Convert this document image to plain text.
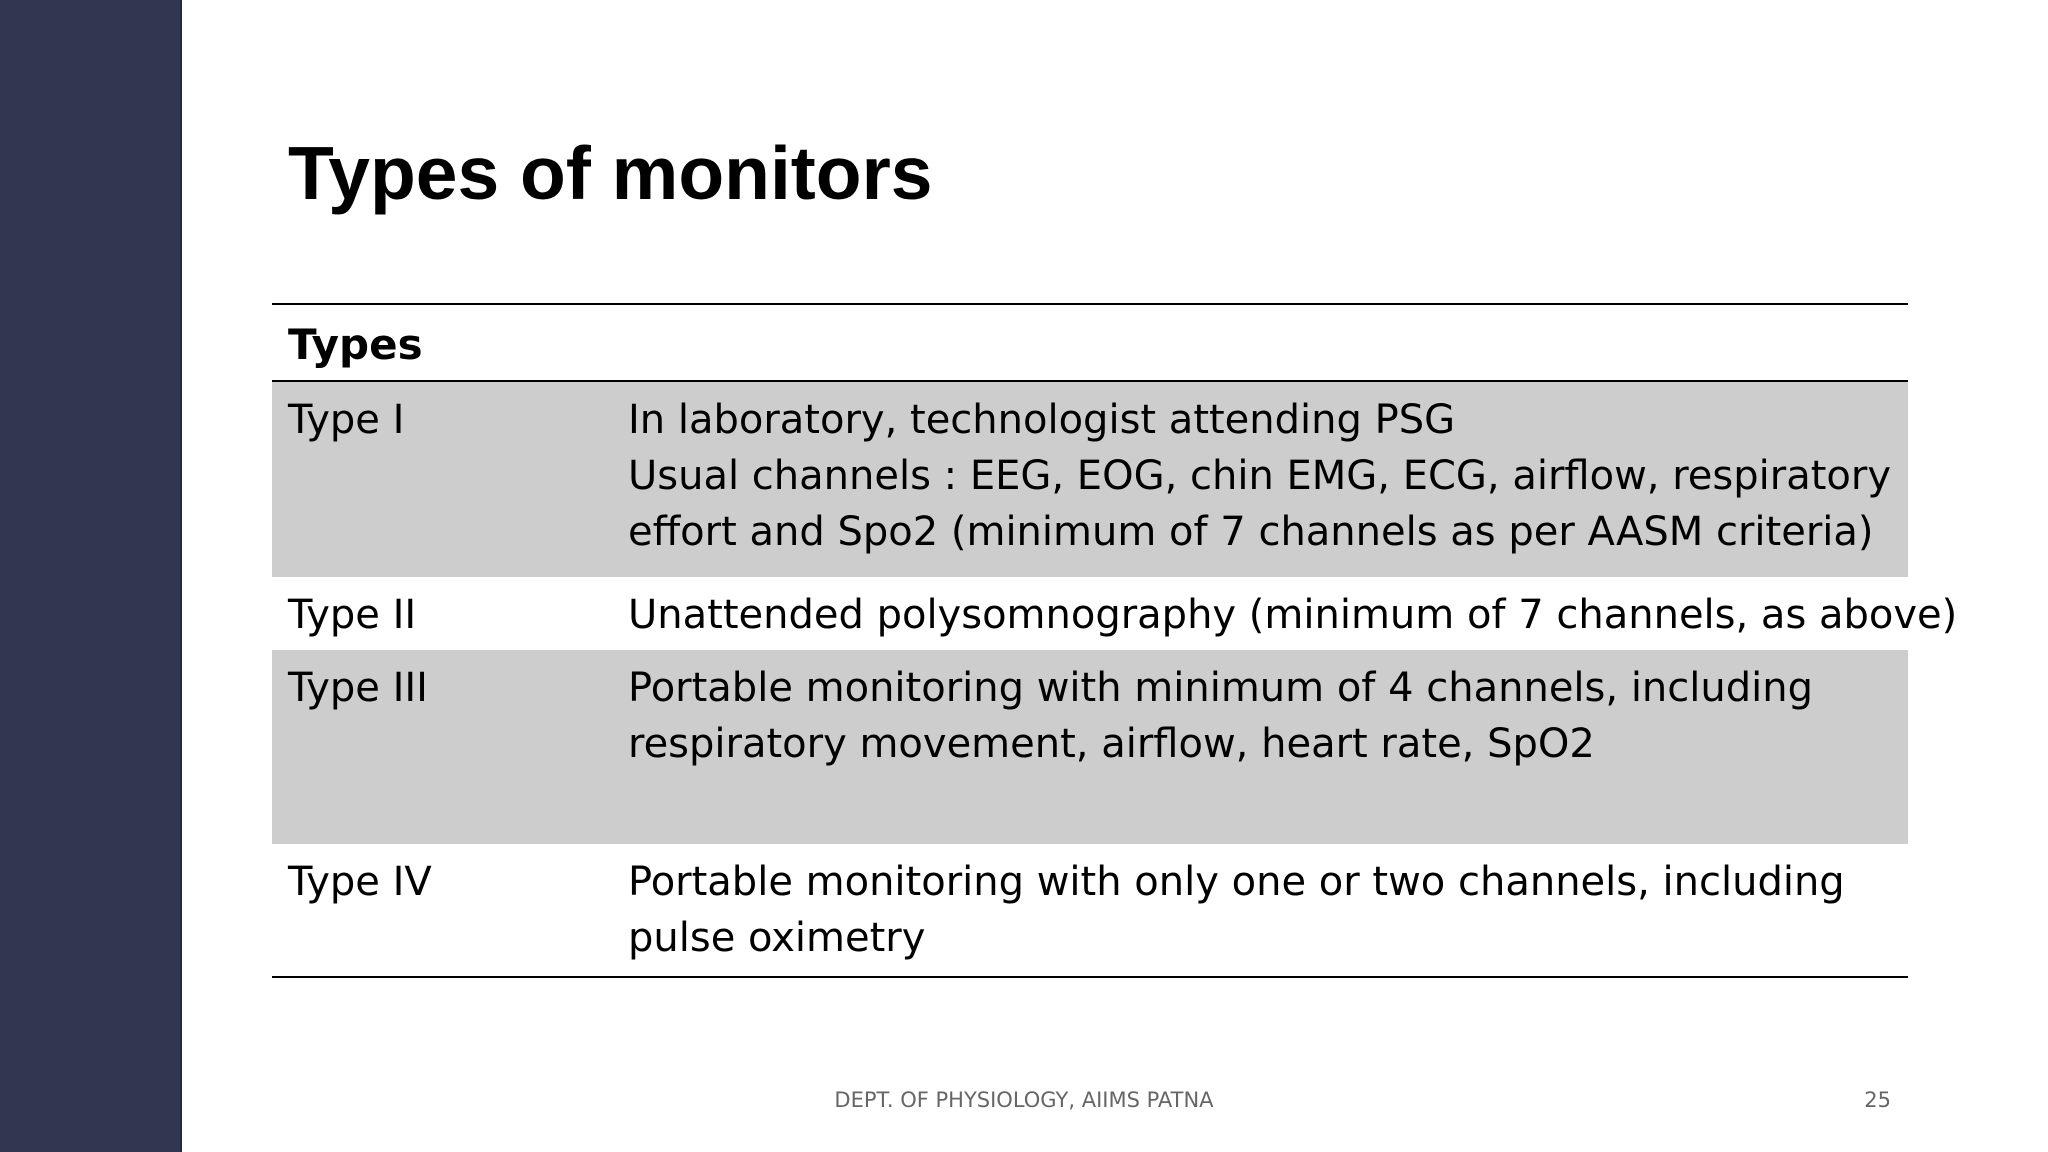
Types of monitors
Types
Type I	In laboratory, technologist attending PSG
Usual channels : EEG, EOG, chin EMG, ECG, airflow, respiratory
effort and Spo2 (minimum of 7 channels as per AASM criteria)
Type II	Unattended polysomnography (minimum of 7 channels, as above)
Type III	Portable monitoring with minimum of 4 channels, including
respiratory movement, airflow, heart rate, SpO2
Type IV	Portable monitoring with only one or two channels, including
pulse oximetry
DEPT. OF PHYSIOLOGY, AIIMS PATNA	25
